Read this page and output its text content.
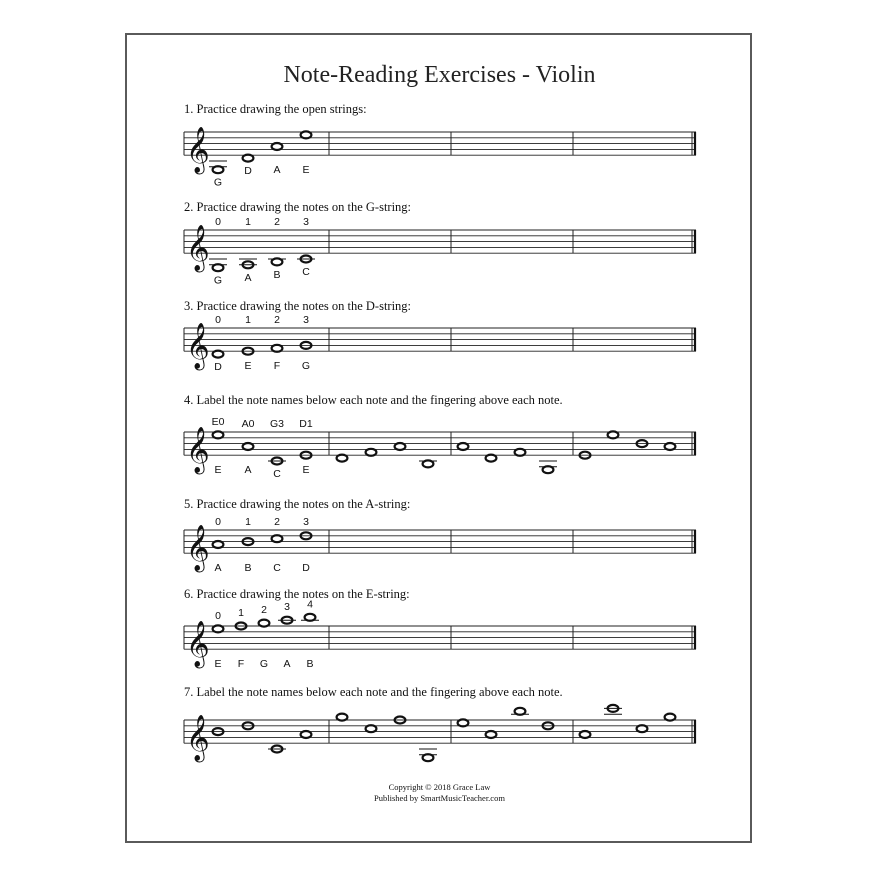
Note-Reading Exercises - Violin
1. Practice drawing the open strings:
2. Practice drawing the notes on the G-string:
3. Practice drawing the notes on the D-string:
4. Label the note names below each note and the fingering above each note.
5. Practice drawing the notes on the A-string:
6. Practice drawing the notes on the E-string:
7. Label the note names below each note and the fingering above each note.
𝄞
G
D A E
𝄞
G
0
A
1
B
2
C
3
𝄞 D
0
E
1
F
2
G
3
𝄞 E
E0
A
A0
C
G3
E
D1
𝄞 A
0
B
1
C
2
D
3
𝄞 E
0
F
1
G
2
A
3
B
4
𝄞
Copyright © 2018 Grace Law
Published by SmartMusicTeacher.com
